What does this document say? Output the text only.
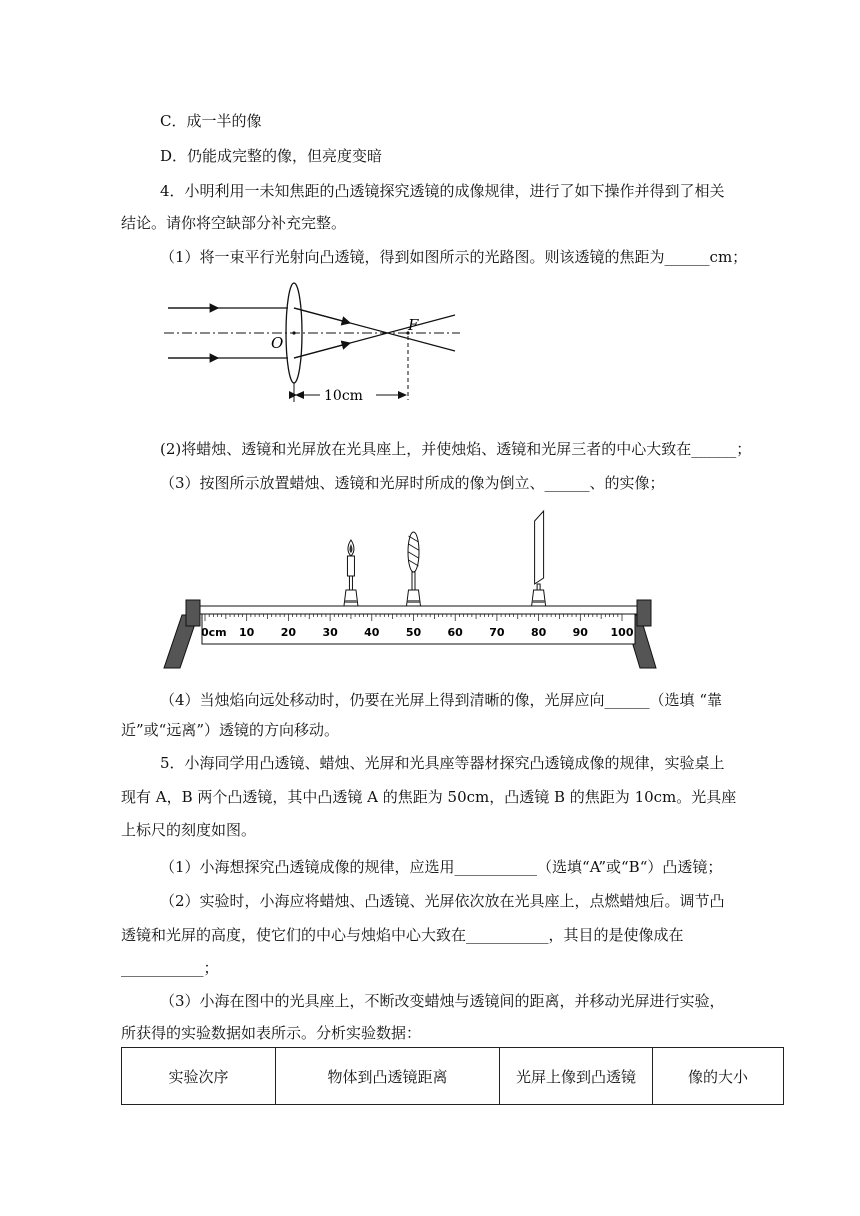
C．成一半的像
D．仍能成完整的像，但亮度变暗
4．小明利用一未知焦距的凸透镜探究透镜的成像规律，进行了如下操作并得到了相关
结论。请你将空缺部分补充完整。
（1）将一束平行光射向凸透镜，得到如图所示的光路图。则该透镜的焦距为______cm；
F
O
10cm
(2)将蜡烛、透镜和光屏放在光具座上，并使烛焰、透镜和光屏三者的中心大致在______；
（3）按图所示放置蜡烛、透镜和光屏时所成的像为倒立、______、的实像；
0cm 10 20 30 40 50 60 70 80 90 100
（4）当烛焰向远处移动时，仍要在光屏上得到清晰的像，光屏应向______（选填 “靠
近”或“远离”）透镜的方向移动。
5．小海同学用凸透镜、蜡烛、光屏和光具座等器材探究凸透镜成像的规律，实验桌上
现有 A，B 两个凸透镜，其中凸透镜 A 的焦距为 50cm，凸透镜 B 的焦距为 10cm。光具座
上标尺的刻度如图。
（1）小海想探究凸透镜成像的规律，应选用___________（选填“A”或“B“）凸透镜；
（2）实验时，小海应将蜡烛、凸透镜、光屏依次放在光具座上，点燃蜡烛后。调节凸
透镜和光屏的高度，使它们的中心与烛焰中心大致在___________，其目的是使像成在
___________；
（3）小海在图中的光具座上，不断改变蜡烛与透镜间的距离，并移动光屏进行实验，
所获得的实验数据如表所示。分析实验数据：
实验次序	物体到凸透镜距离	光屏上像到凸透镜	像的大小
